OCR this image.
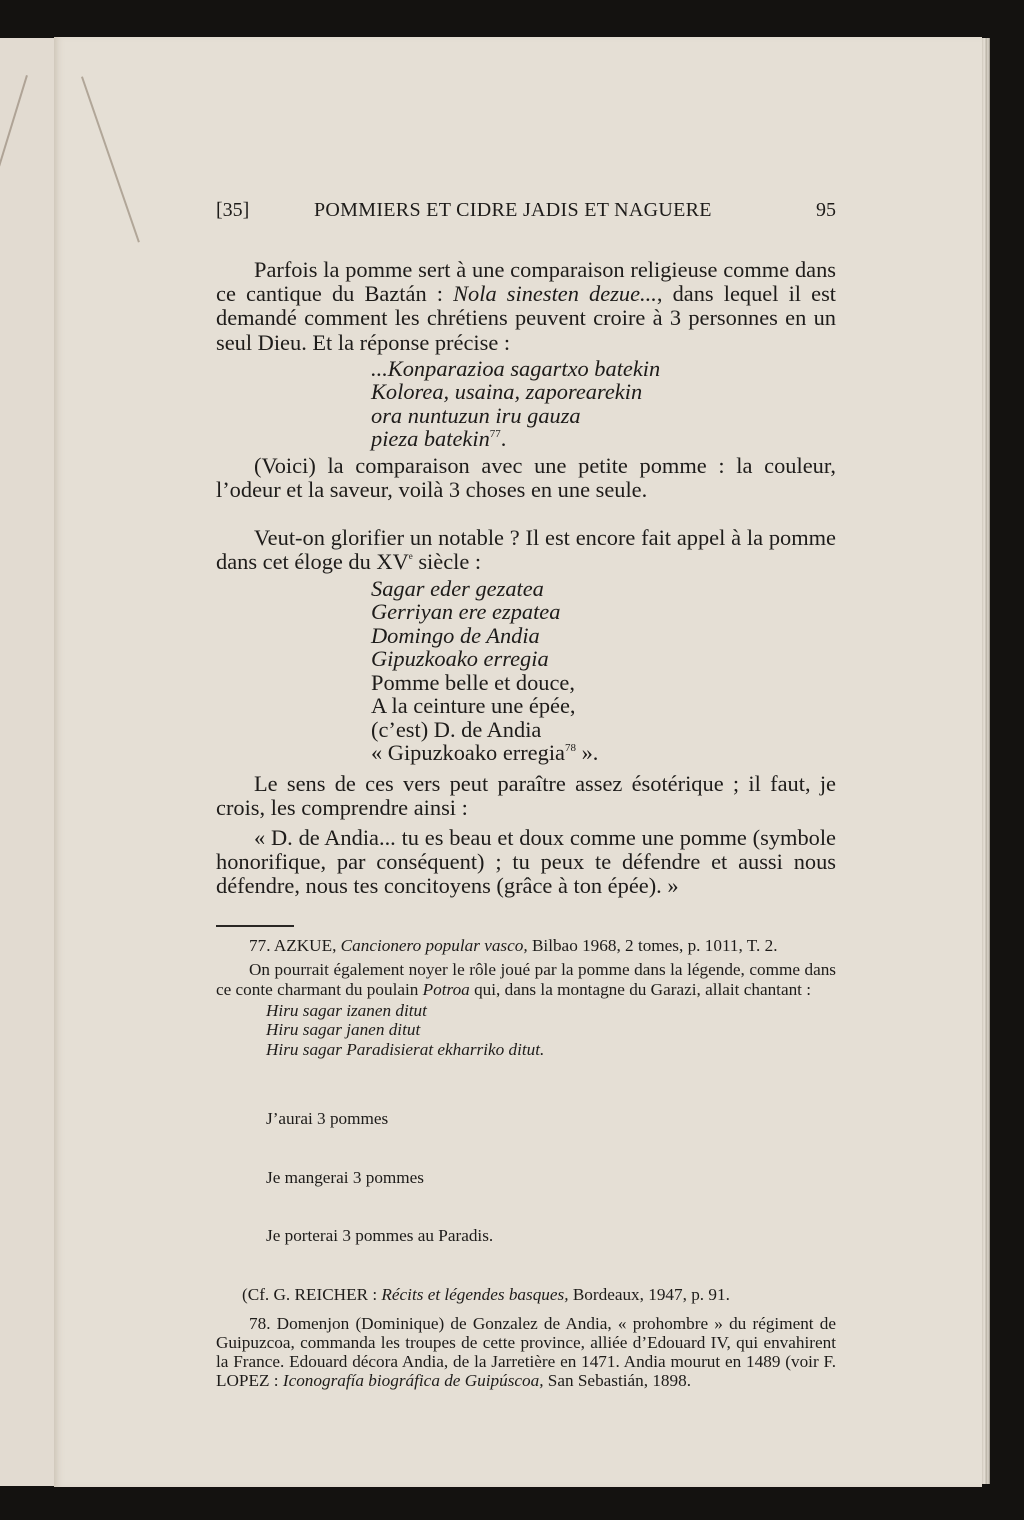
[35]	POMMIERS ET CIDRE JADIS ET NAGUERE	95

Parfois la pomme sert à une comparaison religieuse comme dans ce cantique du Baztán : Nola sinesten dezue..., dans lequel il est demandé comment les chrétiens peuvent croire à 3 personnes en un seul Dieu. Et la réponse précise :

...Konparazioa sagartxo batekin
Kolorea, usaina, zaporearekin
ora nuntuzun iru gauza
pieza batekin$^{77}$.

(Voici) la comparaison avec une petite pomme : la couleur, l’odeur et la saveur, voilà 3 choses en une seule.

Veut-on glorifier un notable ? Il est encore fait appel à la pomme dans cet éloge du XVe siècle :

Sagar eder gezatea
Gerriyan ere ezpatea
Domingo de Andia
Gipuzkoako erregia
Pomme belle et douce,
A la ceinture une épée,
(c’est) D. de Andia
« Gipuzkoako erregia$^{78}$ ».

Le sens de ces vers peut paraître assez ésotérique ; il faut, je crois, les comprendre ainsi :

« D. de Andia... tu es beau et doux comme une pomme (symbole honorifique, par conséquent) ; tu peux te défendre et aussi nous défendre, nous tes concitoyens (grâce à ton épée). »

77. AZKUE, Cancionero popular vasco, Bilbao 1968, 2 tomes, p. 1011, T. 2.

On pourrait également noyer le rôle joué par la pomme dans la légende, comme dans ce conte charmant du poulain Potroa qui, dans la montagne du Garazi, allait chantant :

Hiru sagar izanen ditut
Hiru sagar janen ditut
Hiru sagar Paradisierat ekharriko ditut.

J’aurai 3 pommes

Je mangerai 3 pommes

Je porterai 3 pommes au Paradis.

(Cf. G. REICHER : Récits et légendes basques, Bordeaux, 1947, p. 91.

78. Domenjon (Dominique) de Gonzalez de Andia, « prohombre » du régiment de Guipuzcoa, commanda les troupes de cette province, alliée d’Edouard IV, qui envahirent la France. Edouard décora Andia, de la Jarretière en 1471. Andia mourut en 1489 (voir F. LOPEZ : Iconografía biográfica de Guipúscoa, San Sebastián, 1898.
